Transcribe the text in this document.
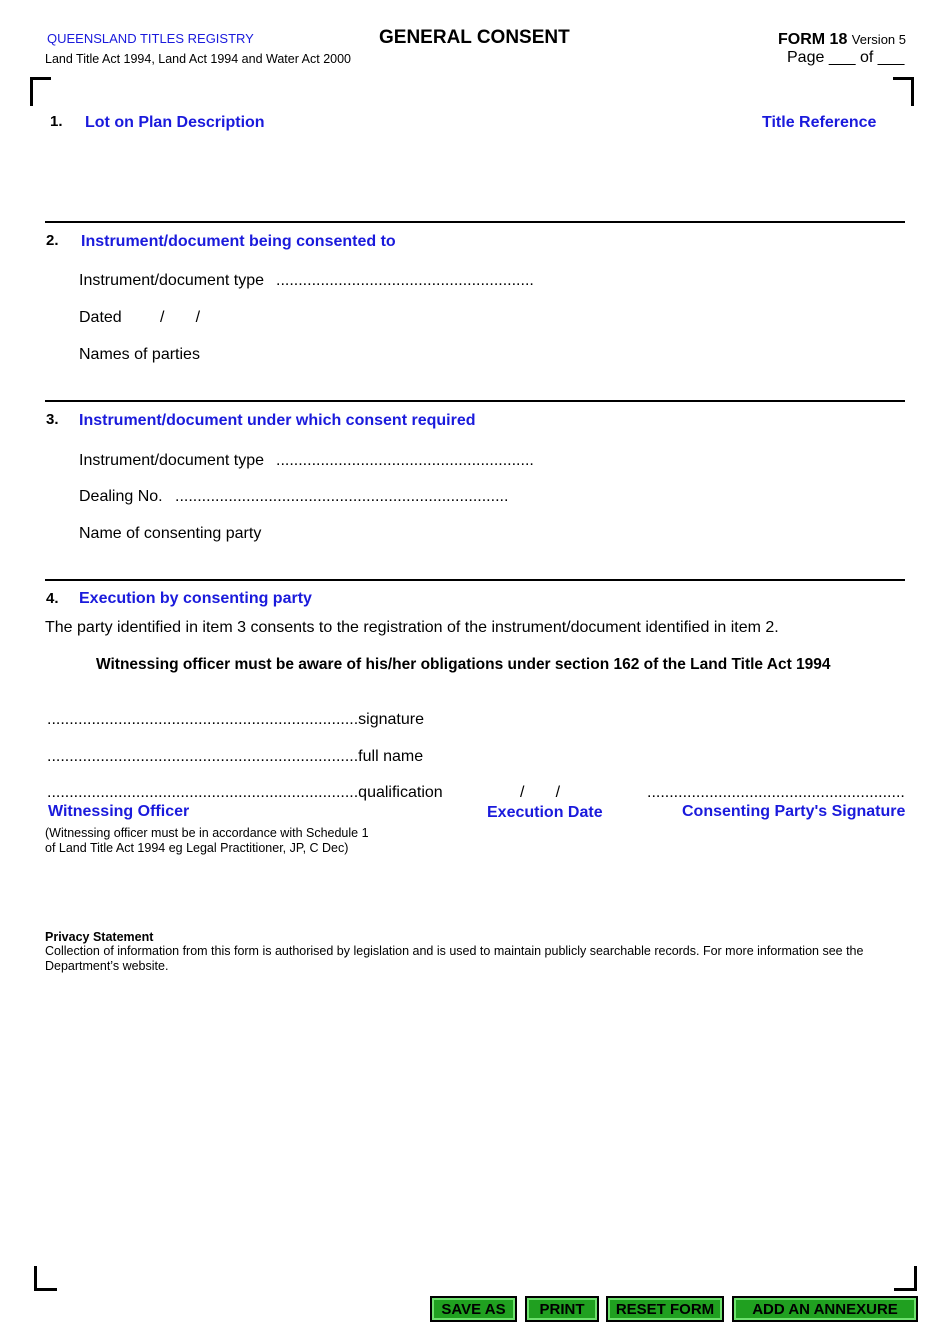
QUEENSLAND TITLES REGISTRY
Land Title Act 1994, Land Act 1994 and Water Act 2000
GENERAL CONSENT	FORM 18 Version 5
Page ___ of ___
1. Lot on Plan Description	Title Reference
2. Instrument/document being consented to
Instrument/document type ..........................................................
Dated /       /
Names of parties
3. Instrument/document under which consent required
Instrument/document type ..........................................................
Dealing No. ...........................................................................
Name of consenting party
4. Execution by consenting party
The party identified in item 3 consents to the registration of the instrument/document identified in item 2.
Witnessing officer must be aware of his/her obligations under section 162 of the Land Title Act 1994
......................................................................signature
......................................................................full name
......................................................................qualification	/       /	..........................................................
Witnessing Officer	Execution Date	Consenting Party's Signature
(Witnessing officer must be in accordance with Schedule 1
of Land Title Act 1994 eg Legal Practitioner, JP, C Dec)
Privacy Statement
Collection of information from this form is authorised by legislation and is used to maintain publicly searchable records. For more information see the
Department’s website.
SAVE AS	PRINT	RESET FORM	ADD AN ANNEXURE
